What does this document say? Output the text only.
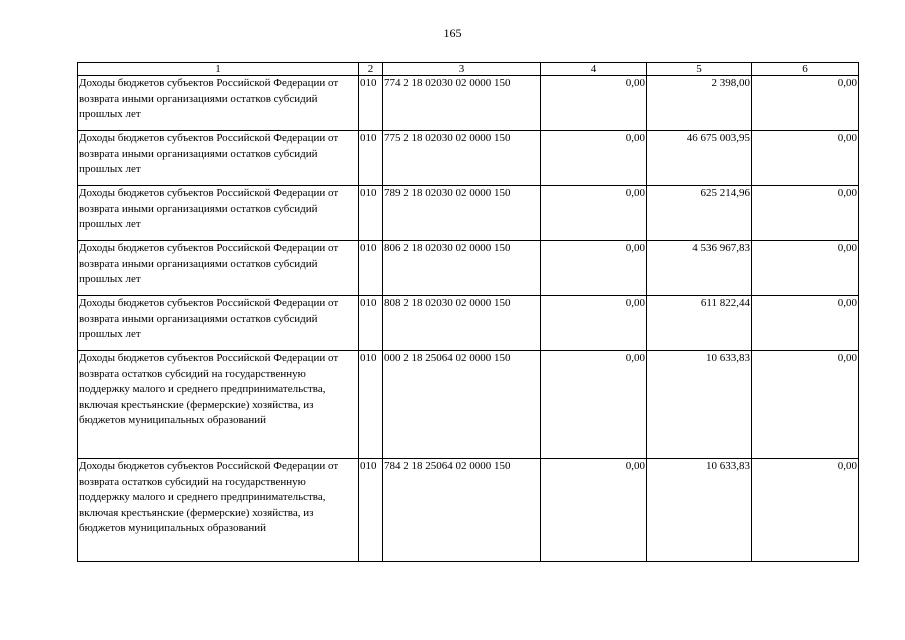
165
1	2	3	4	5	6
Доходы бюджетов субъектов Российской Федерации от возврата иными организациями остатков субсидий прошлых лет	010	774 2 18 02030 02 0000 150	0,00	2 398,00	0,00
Доходы бюджетов субъектов Российской Федерации от возврата иными организациями остатков субсидий прошлых лет	010	775 2 18 02030 02 0000 150	0,00	46 675 003,95	0,00
Доходы бюджетов субъектов Российской Федерации от возврата иными организациями остатков субсидий прошлых лет	010	789 2 18 02030 02 0000 150	0,00	625 214,96	0,00
Доходы бюджетов субъектов Российской Федерации от возврата иными организациями остатков субсидий прошлых лет	010	806 2 18 02030 02 0000 150	0,00	4 536 967,83	0,00
Доходы бюджетов субъектов Российской Федерации от возврата иными организациями остатков субсидий прошлых лет	010	808 2 18 02030 02 0000 150	0,00	611 822,44	0,00
Доходы бюджетов субъектов Российской Федерации от возврата остатков субсидий на государственную поддержку малого и среднего предпринимательства, включая крестьянские (фермерские) хозяйства, из бюджетов муниципальных образований	010	000 2 18 25064 02 0000 150	0,00	10 633,83	0,00
Доходы бюджетов субъектов Российской Федерации от возврата остатков субсидий на государственную поддержку малого и среднего предпринимательства, включая крестьянские (фермерские) хозяйства, из бюджетов муниципальных образований	010	784 2 18 25064 02 0000 150	0,00	10 633,83	0,00
